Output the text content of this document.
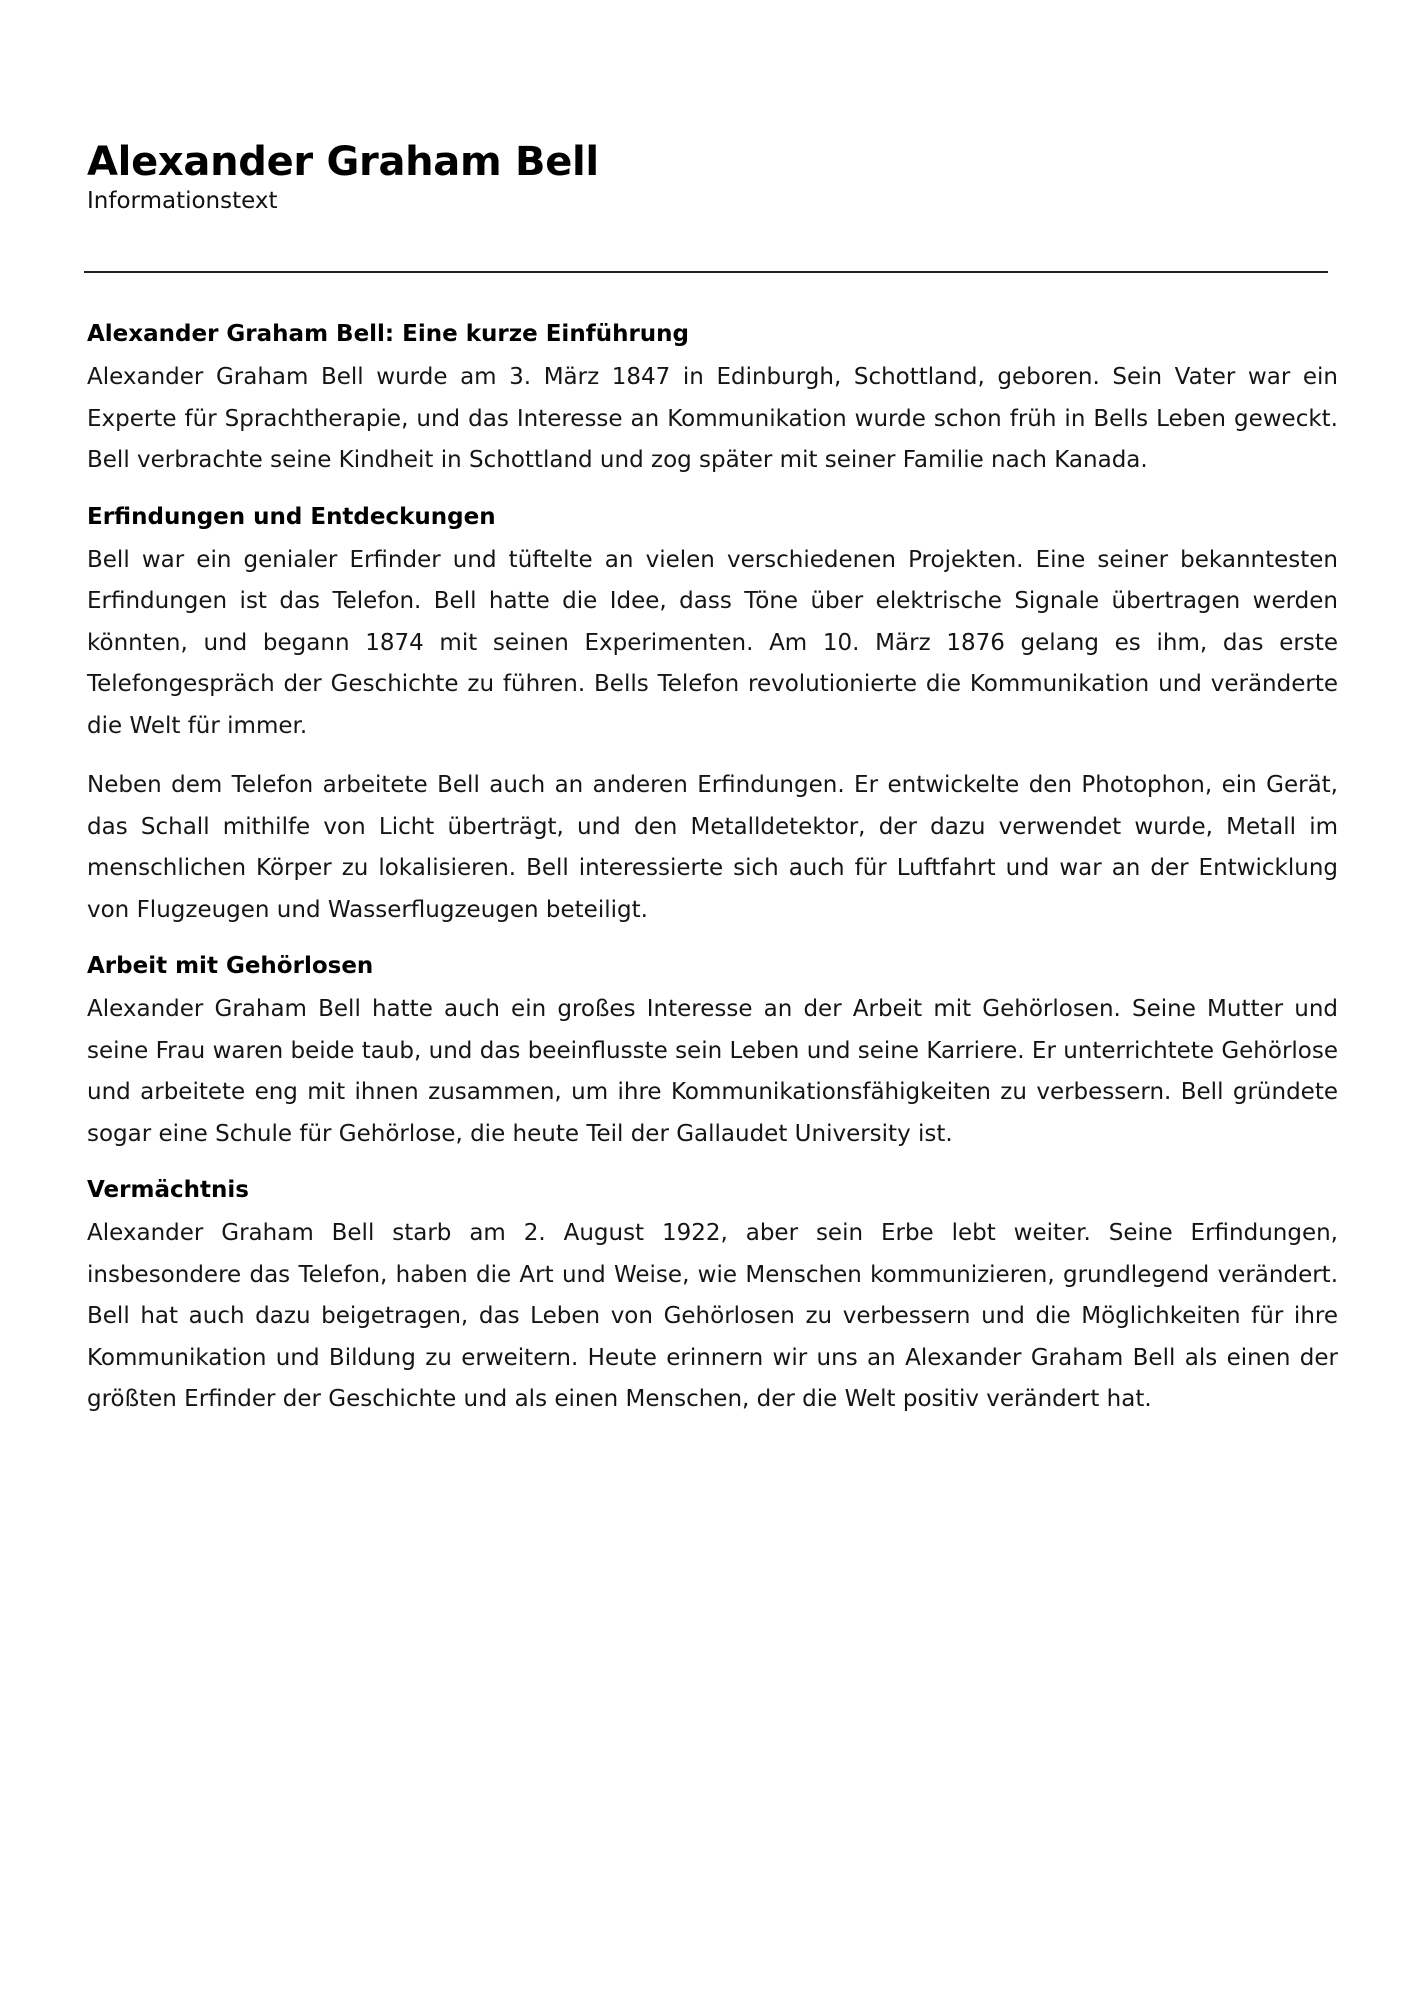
Alexander Graham Bell

Informationstext

Alexander Graham Bell: Eine kurze Einführung

Alexander Graham Bell wurde am 3. März 1847 in Edinburgh, Schottland, geboren. Sein Vater war ein Experte für Sprachtherapie, und das Interesse an Kommunikation wurde schon früh in Bells Leben geweckt. Bell verbrachte seine Kindheit in Schottland und zog später mit seiner Familie nach Kanada.

Erfindungen und Entdeckungen

Bell war ein genialer Erfinder und tüftelte an vielen verschiedenen Projekten. Eine seiner bekanntesten Erfindungen ist das Telefon. Bell hatte die Idee, dass Töne über elektrische Signale übertragen werden könnten, und begann 1874 mit seinen Experimenten. Am 10. März 1876 gelang es ihm, das erste Telefongespräch der Geschichte zu führen. Bells Telefon revolutionierte die Kommunikation und veränderte die Welt für immer.

Neben dem Telefon arbeitete Bell auch an anderen Erfindungen. Er entwickelte den Photophon, ein Gerät, das Schall mithilfe von Licht überträgt, und den Metalldetektor, der dazu verwendet wurde, Metall im menschlichen Körper zu lokalisieren. Bell interessierte sich auch für Luftfahrt und war an der Entwicklung von Flugzeugen und Wasserflugzeugen beteiligt.

Arbeit mit Gehörlosen

Alexander Graham Bell hatte auch ein großes Interesse an der Arbeit mit Gehörlosen. Seine Mutter und seine Frau waren beide taub, und das beeinflusste sein Leben und seine Karriere. Er unterrichtete Gehörlose und arbeitete eng mit ihnen zusammen, um ihre Kommunikationsfähigkeiten zu verbessern. Bell gründete sogar eine Schule für Gehörlose, die heute Teil der Gallaudet University ist.

Vermächtnis

Alexander Graham Bell starb am 2. August 1922, aber sein Erbe lebt weiter. Seine Erfindungen, insbesondere das Telefon, haben die Art und Weise, wie Menschen kommunizieren, grundlegend verändert. Bell hat auch dazu beigetragen, das Leben von Gehörlosen zu verbessern und die Möglichkeiten für ihre Kommunikation und Bildung zu erweitern. Heute erinnern wir uns an Alexander Graham Bell als einen der größten Erfinder der Geschichte und als einen Menschen, der die Welt positiv verändert hat.
